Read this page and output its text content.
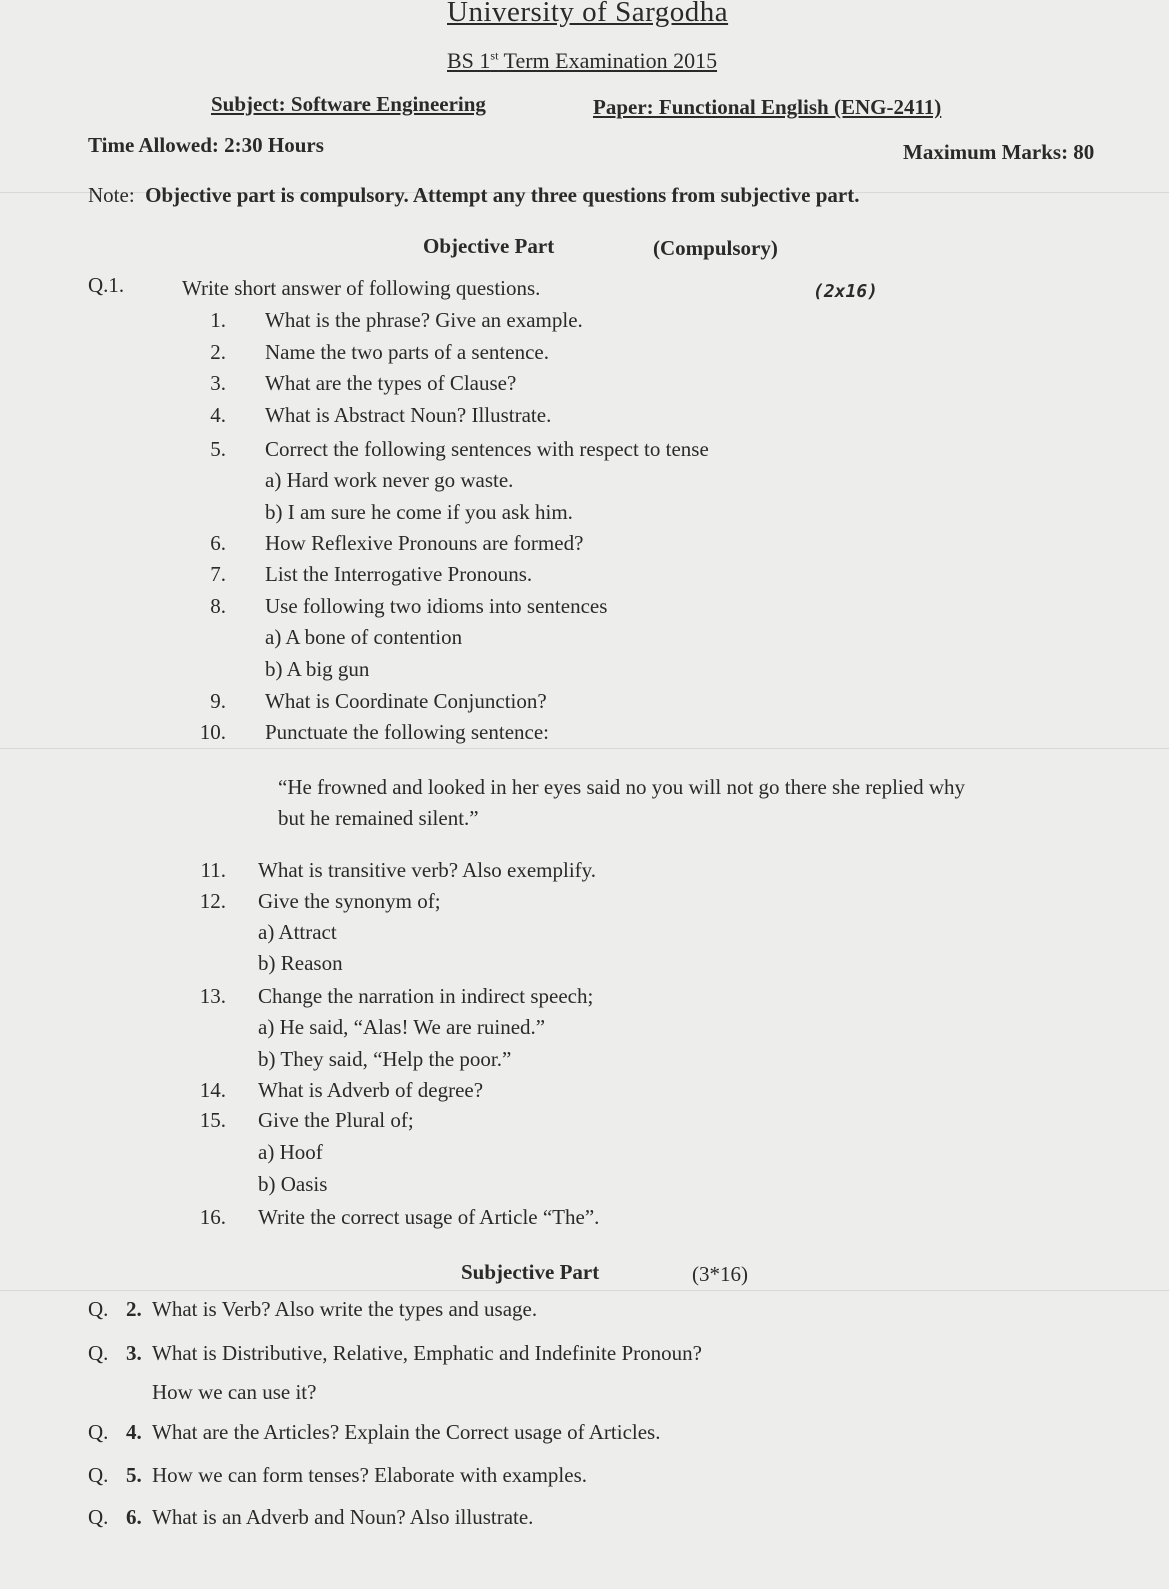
University of Sargodha
BS 1st Term Examination 2015
Subject: Software Engineering	Paper: Functional English (ENG-2411)
Time Allowed: 2:30 Hours	Maximum Marks: 80
Note: Objective part is compulsory. Attempt any three questions from subjective part.
Objective Part	(Compulsory)
Q.1.	Write short answer of following questions.	(2x16)
1. What is the phrase? Give an example.
2. Name the two parts of a sentence.
3. What are the types of Clause?
4. What is Abstract Noun? Illustrate.
5. Correct the following sentences with respect to tense
a) Hard work never go waste.
b) I am sure he come if you ask him.
6. How Reflexive Pronouns are formed?
7. List the Interrogative Pronouns.
8. Use following two idioms into sentences
a) A bone of contention
b) A big gun
9. What is Coordinate Conjunction?
10. Punctuate the following sentence:
“He frowned and looked in her eyes said no you will not go there she replied why
but he remained silent.”
11. What is transitive verb? Also exemplify.
12. Give the synonym of;
a) Attract
b) Reason
13. Change the narration in indirect speech;
a) He said, “Alas! We are ruined.”
b) They said, “Help the poor.”
14. What is Adverb of degree?
15. Give the Plural of;
a) Hoof
b) Oasis
16. Write the correct usage of Article “The”.
Subjective Part	(3*16)
Q. 2. What is Verb? Also write the types and usage.
Q. 3. What is Distributive, Relative, Emphatic and Indefinite Pronoun?
How we can use it?
Q. 4. What are the Articles? Explain the Correct usage of Articles.
Q. 5. How we can form tenses? Elaborate with examples.
Q. 6. What is an Adverb and Noun? Also illustrate.
